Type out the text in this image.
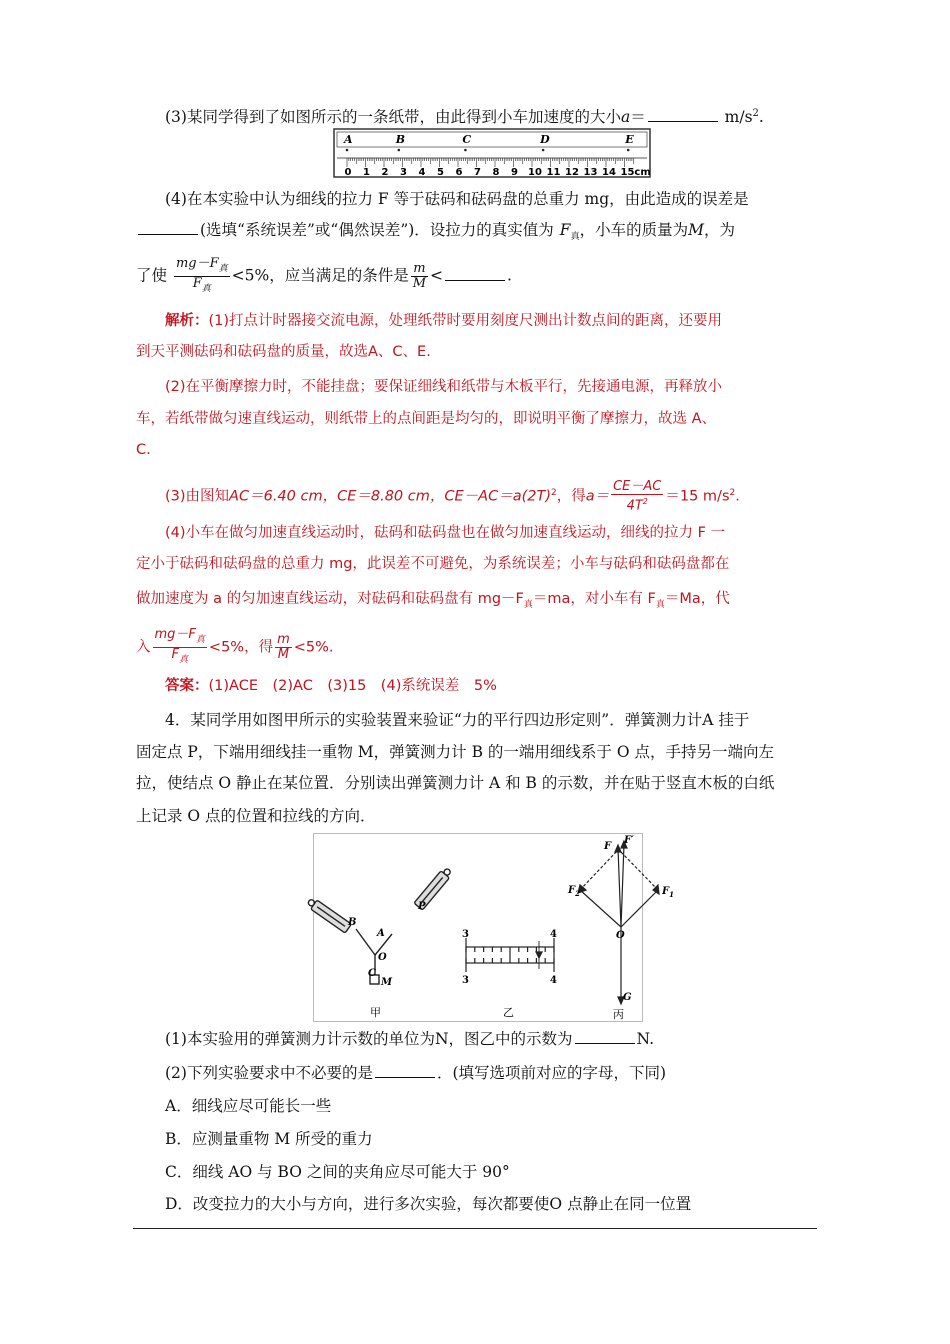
(3)某同学得到了如图所示的一条纸带，由此得到小车加速度的大小a＝	$m/s^2$.
A	B	C	D	E
0 1 2 3 4 5 6 7 8 9 10 11 12 13 14 15cm
(4)在本实验中认为细线的拉力 F 等于砝码和砝码盘的总重力 mg，由此造成的误差是
(选填“系统误差”或“偶然误差”)．设拉力的真实值为 $F_真$，小车的质量为M，为
了使 $\frac{mg-F_真}{F_真} <5\%$，应当满足的条件是 $\frac{m}{M}$ <	.
解析：(1)打点计时器接交流电源，处理纸带时要用刻度尺测出计数点间的距离，还要用
到天平测砝码和砝码盘的质量，故选A、C、E.
(2)在平衡摩擦力时，不能挂盘；要保证细线和纸带与木板平行，先接通电源，再释放小
车，若纸带做匀速直线运动，则纸带上的点间距是均匀的，即说明平衡了摩擦力，故选 A、
C.
(3)由图知AC＝6.40 cm，CE＝8.80 cm，$CE-AC=a(2T)^2$，得$a= \frac{CE-AC}{4T^2} =15$ $m/s^2$.
(4)小车在做匀加速直线运动时，砝码和砝码盘也在做匀加速直线运动，细线的拉力 F 一
定小于砝码和砝码盘的总重力 mg，此误差不可避免，为系统误差；小车与砝码和砝码盘都在
做加速度为 a 的匀加速直线运动，对砝码和砝码盘有 $mg-F_真=ma$，对小车有 $F_真=Ma$，代
入 $\frac{mg-F_真}{F_真} <5\%$，得 $\frac{m}{M} <5\%$.
答案：(1)ACE　(2)AC　(3)15　(4)系统误差　5%
4．某同学用如图甲所示的实验装置来验证“力的平行四边形定则”．弹簧测力计A 挂于
固定点 P，下端用细线挂一重物 M，弹簧测力计 B 的一端用细线系于 O 点，手持另一端向左
拉，使结点 O 静止在某位置．分别读出弹簧测力计 A 和 B 的示数，并在贴于竖直木板的白纸
上记录 O 点的位置和拉线的方向．
B
P
A
O
C
M
甲
3	4
3	4
乙
F
F′
$F_1$
$F_2$
O
G
丙
(1)本实验用的弹簧测力计示数的单位为N，图乙中的示数为	N.
(2)下列实验要求中不必要的是	．(填写选项前对应的字母，下同)
A．细线应尽可能长一些
B．应测量重物 M 所受的重力
C．细线 AO 与 BO 之间的夹角应尽可能大于 90°
D．改变拉力的大小与方向，进行多次实验，每次都要使O 点静止在同一位置
